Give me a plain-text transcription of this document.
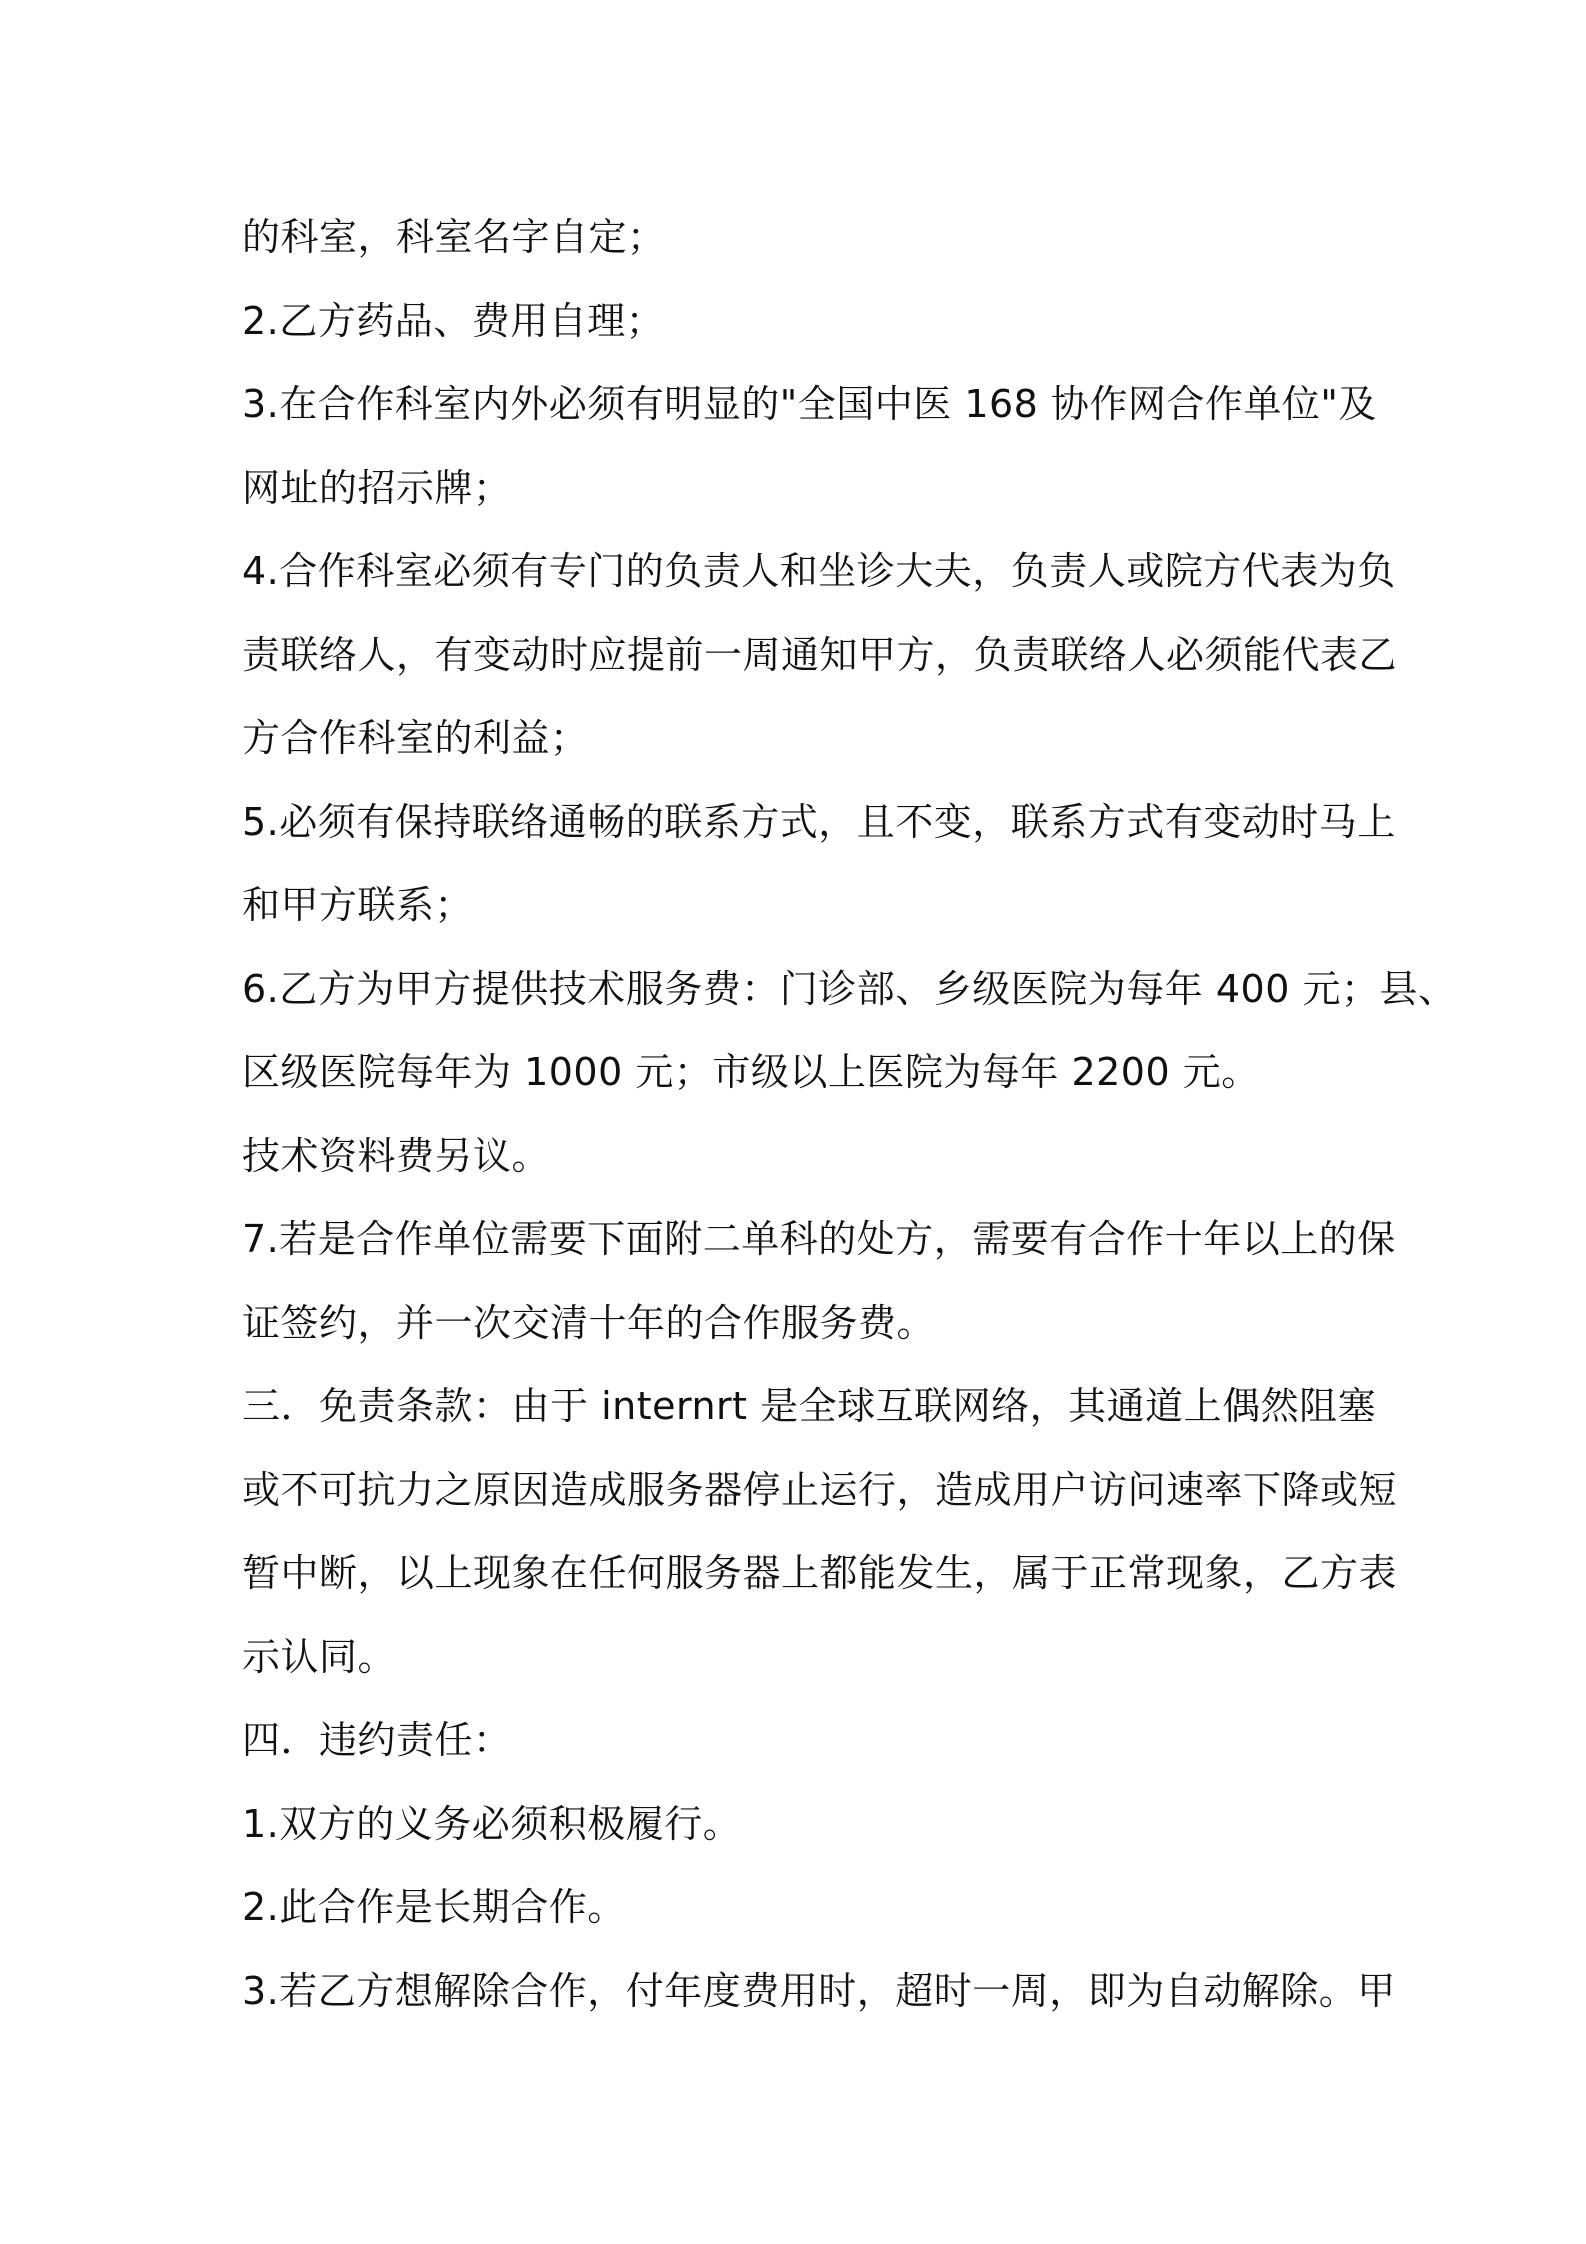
的科室，科室名字自定；
2.乙方药品、费用自理；
3.在合作科室内外必须有明显的"全国中医 168 协作网合作单位"及
网址的招示牌；
4.合作科室必须有专门的负责人和坐诊大夫，负责人或院方代表为负
责联络人，有变动时应提前一周通知甲方，负责联络人必须能代表乙
方合作科室的利益；
5.必须有保持联络通畅的联系方式，且不变，联系方式有变动时马上
和甲方联系；
6.乙方为甲方提供技术服务费：门诊部、乡级医院为每年 400 元；县、
区级医院每年为 1000 元；市级以上医院为每年 2200 元。
技术资料费另议。
7.若是合作单位需要下面附二单科的处方，需要有合作十年以上的保
证签约，并一次交清十年的合作服务费。
三．免责条款：由于 internrt 是全球互联网络，其通道上偶然阻塞
或不可抗力之原因造成服务器停止运行，造成用户访问速率下降或短
暂中断，以上现象在任何服务器上都能发生，属于正常现象，乙方表
示认同。
四．违约责任：
1.双方的义务必须积极履行。
2.此合作是长期合作。
3.若乙方想解除合作，付年度费用时，超时一周，即为自动解除。甲
